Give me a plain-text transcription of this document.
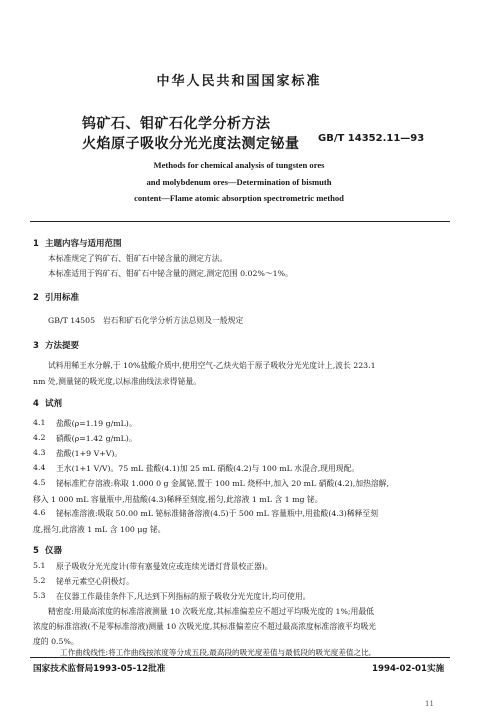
中华人民共和国国家标准
钨矿石、钼矿石化学分析方法
火焰原子吸收分光光度法测定铋量 GB/T 14352.11—93
Methods for chemical analysis of tungsten ores
and molybdenum ores—Determination of bismuth
content—Flame atomic absorption spectrometric method
1 主题内容与适用范围
本标准规定了钨矿石、钼矿石中铋含量的测定方法。
本标准适用于钨矿石、钼矿石中铋含量的测定,测定范围 0.02%～1%。
2 引用标准
GB/T 14505　岩石和矿石化学分析方法总则及一般规定
3 方法提要
试料用稀王水分解,于 10%盐酸介质中,使用空气-乙炔火焰于原子吸收分光光度计上,波长 223.1
nm 处,测量铋的吸光度,以标准曲线法求得铋量。
4 试剂
4.1 盐酸(ρ=1.19 g/mL)。
4.2 硝酸(ρ=1.42 g/mL)。
4.3 盐酸(1+9 V+V)。
4.4 王水(1+1 V/V)。75 mL 盐酸(4.1)加 25 mL 硝酸(4.2)与 100 mL 水混合,现用现配。
4.5 铋标准贮存溶液:称取 1.000 0 g 金属铋,置于 100 mL 烧杯中,加入 20 mL 硝酸(4.2),加热溶解,
移入 1 000 mL 容量瓶中,用盐酸(4.3)稀释至刻度,摇匀,此溶液 1 mL 含 1 mg 铋。
4.6 铋标准溶液:吸取 50.00 mL 铋标准储备溶液(4.5)于 500 mL 容量瓶中,用盐酸(4.3)稀释至刻
度,摇匀,此溶液 1 mL 含 100 μg 铋。
5 仪器
5.1 原子吸收分光光度计(带有塞曼效应或连续光谱灯背景校正器)。
5.2 铋单元素空心阴极灯。
5.3 在仪器工作最佳条件下,凡达到下列指标的原子吸收分光光度计,均可使用。
精密度:用最高浓度的标准溶液测量 10 次吸光度,其标准偏差应不超过平均吸光度的 1%;用最低
浓度的标准溶液(不是零标准溶液)测量 10 次吸光度,其标准偏差应不超过最高浓度标准溶液平均吸光
度的 0.5%。
工作曲线线性:将工作曲线按浓度等分成五段,最高段的吸光度差值与最低段的吸光度差值之比,
国家技术监督局1993-05-12批准	1994-02-01实施
11
